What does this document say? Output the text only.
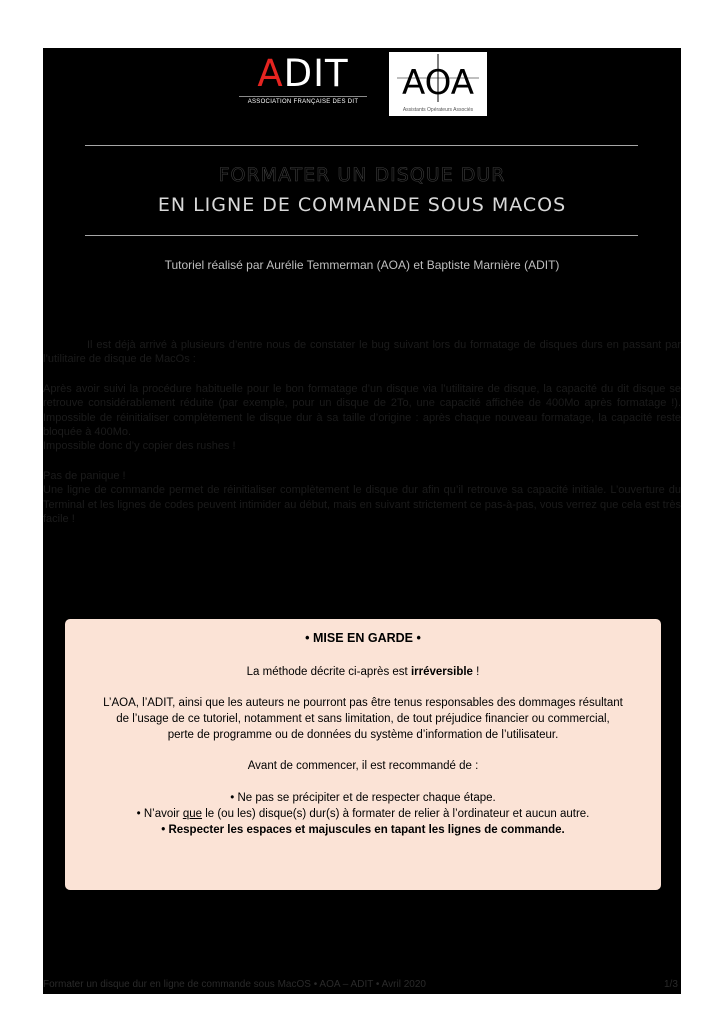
ADIT
ASSOCIATION FRANÇAISE DES DIT	AOA
Assistants Opérateurs Associés
FORMATER UN DISQUE DUR
EN LIGNE DE COMMANDE SOUS MACOS
Tutoriel réalisé par Aurélie Temmerman (AOA) et Baptiste Marnière (ADIT)

Il est déjà arrivé à plusieurs d’entre nous de constater le bug suivant lors du formatage de disques durs en passant par l’utilitaire de disque de MacOs :

Après avoir suivi la procédure habituelle pour le bon formatage d’un disque via l’utilitaire de disque, la capacité du dit disque se retrouve considérablement réduite (par exemple, pour un disque de 2To, une capacité affichée de 400Mo après formatage !). Impossible de réinitialiser complètement le disque dur à sa taille d’origine : après chaque nouveau formatage, la capacité reste bloquée à 400Mo.
Impossible donc d’y copier des rushes !

Pas de panique !
Une ligne de commande permet de réinitialiser complètement le disque dur afin qu’il retrouve sa capacité initiale. L’ouverture du Terminal et les lignes de codes peuvent intimider au début, mais en suivant strictement ce pas-à-pas, vous verrez que cela est très facile !

• MISE EN GARDE •
La méthode décrite ci-après est irréversible !
L’AOA, l’ADIT, ainsi que les auteurs ne pourront pas être tenus responsables des dommages résultant
de l’usage de ce tutoriel, notamment et sans limitation, de tout préjudice financier ou commercial,
perte de programme ou de données du système d’information de l’utilisateur.
Avant de commencer, il est recommandé de :
• Ne pas se précipiter et de respecter chaque étape.
• N’avoir que le (ou les) disque(s) dur(s) à formater de relier à l’ordinateur et aucun autre.
• Respecter les espaces et majuscules en tapant les lignes de commande.
Formater un disque dur en ligne de commande sous MacOS • AOA – ADIT • Avril 2020	1/3
